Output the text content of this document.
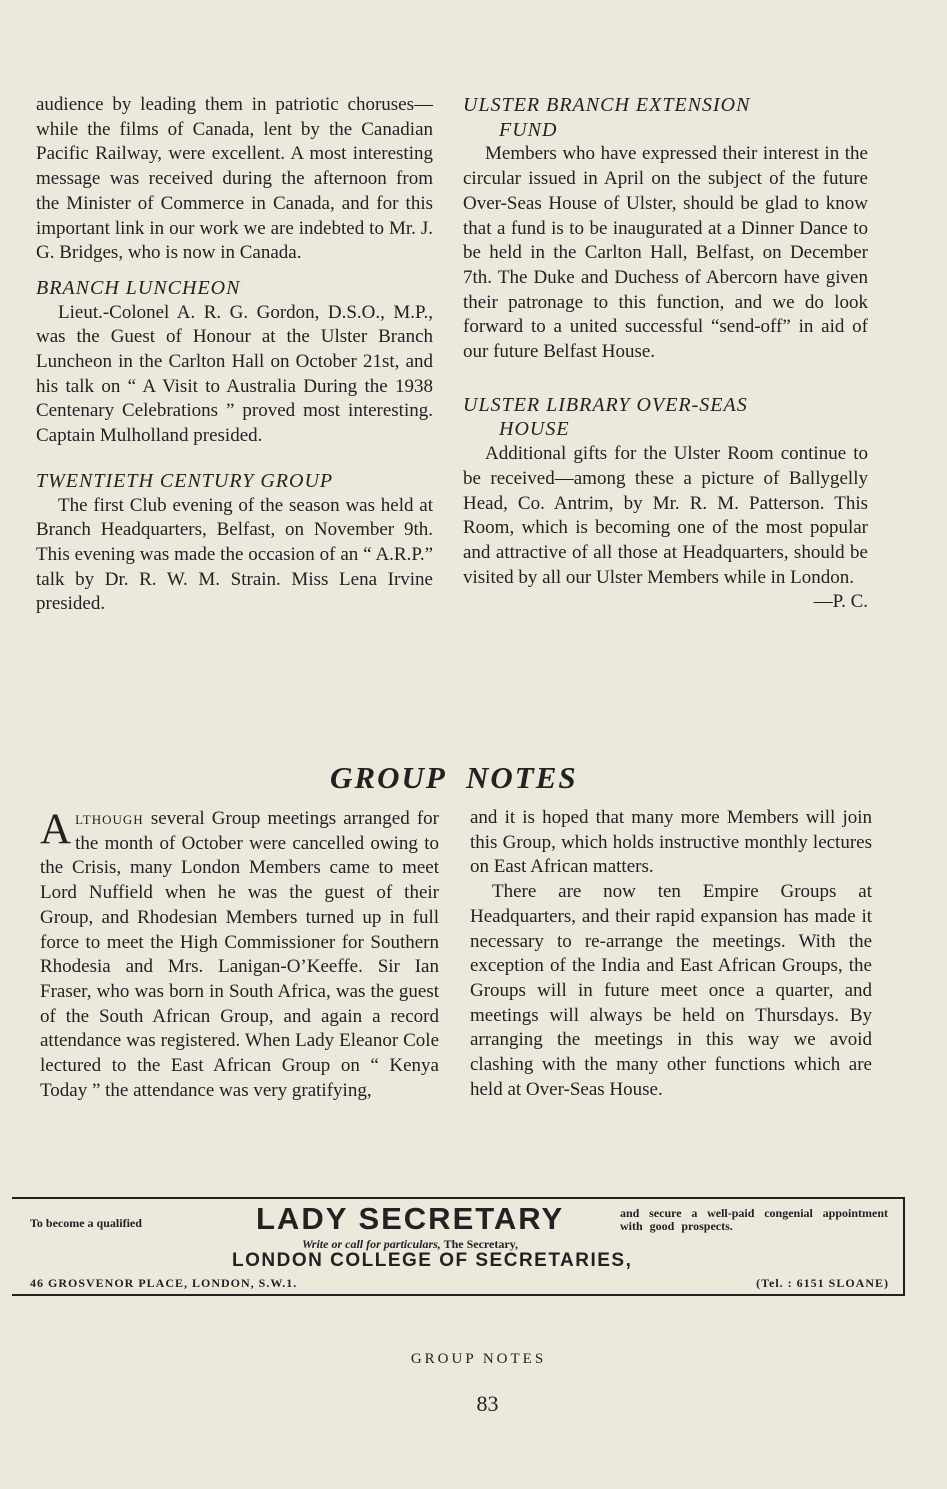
audience by leading them in patriotic choruses—while the films of Canada, lent by the Canadian Pacific Railway, were excellent. A most interesting message was received during the afternoon from the Minister of Commerce in Canada, and for this important link in our work we are indebted to Mr. J. G. Bridges, who is now in Canada.

BRANCH LUNCHEON

Lieut.-Colonel A. R. G. Gordon, D.S.O., M.P., was the Guest of Honour at the Ulster Branch Luncheon in the Carlton Hall on October 21st, and his talk on “ A Visit to Australia During the 1938 Centenary Celebrations ” proved most interesting. Captain Mulholland presided.

TWENTIETH CENTURY GROUP

The first Club evening of the season was held at Branch Headquarters, Belfast, on November 9th. This evening was made the occasion of an “ A.R.P.” talk by Dr. R. W. M. Strain. Miss Lena Irvine presided.

ULSTER BRANCH EXTENSION
FUND

Members who have expressed their interest in the circular issued in April on the subject of the future Over-Seas House of Ulster, should be glad to know that a fund is to be inaugurated at a Dinner Dance to be held in the Carlton Hall, Belfast, on December 7th. The Duke and Duchess of Abercorn have given their patronage to this function, and we do look forward to a united successful “send-off” in aid of our future Belfast House.

ULSTER LIBRARY OVER-SEAS
HOUSE

Additional gifts for the Ulster Room continue to be received—among these a picture of Ballygelly Head, Co. Antrim, by Mr. R. M. Patterson. This Room, which is becoming one of the most popular and attractive of all those at Headquarters, should be visited by all our Ulster Members while in London.

—P. C.

GROUP NOTES

Although several Group meetings arranged for the month of October were cancelled owing to the Crisis, many London Members came to meet Lord Nuffield when he was the guest of their Group, and Rhodesian Members turned up in full force to meet the High Commissioner for Southern Rhodesia and Mrs. Lanigan-O’Keeffe. Sir Ian Fraser, who was born in South Africa, was the guest of the South African Group, and again a record attendance was registered. When Lady Eleanor Cole lectured to the East African Group on “ Kenya Today ” the attendance was very gratifying,

and it is hoped that many more Members will join this Group, which holds instructive monthly lectures on East African matters.

There are now ten Empire Groups at Headquarters, and their rapid expansion has made it necessary to re-arrange the meetings. With the exception of the India and East African Groups, the Groups will in future meet once a quarter, and meetings will always be held on Thursdays. By arranging the meetings in this way we avoid clashing with the many other functions which are held at Over-Seas House.

To become a qualified	LADY SECRETARY	and secure a well-paid congenial appointment with good prospects.
Write or call for particulars, The Secretary,
LONDON COLLEGE OF SECRETARIES,
46 GROSVENOR PLACE, LONDON, S.W.1.	(Tel. : 6151 SLOANE)
GROUP NOTES
83
